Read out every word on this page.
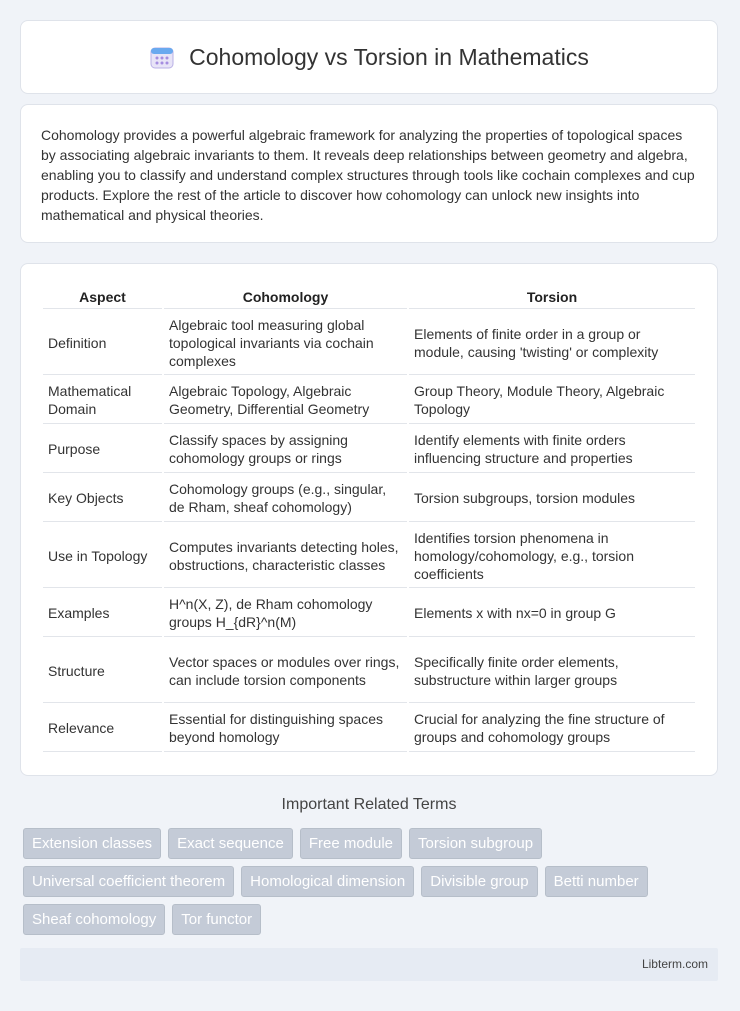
Cohomology vs Torsion in Mathematics
Cohomology provides a powerful algebraic framework for analyzing the properties of topological spaces by associating algebraic invariants to them. It reveals deep relationships between geometry and algebra, enabling you to classify and understand complex structures through tools like cochain complexes and cup products. Explore the rest of the article to discover how cohomology can unlock new insights into mathematical and physical theories.
Aspect	Cohomology	Torsion
Definition	Algebraic tool measuring global topological invariants via cochain complexes	Elements of finite order in a group or module, causing 'twisting' or complexity
Mathematical Domain	Algebraic Topology, Algebraic Geometry, Differential Geometry	Group Theory, Module Theory, Algebraic Topology
Purpose	Classify spaces by assigning cohomology groups or rings	Identify elements with finite orders influencing structure and properties
Key Objects	Cohomology groups (e.g., singular, de Rham, sheaf cohomology)	Torsion subgroups, torsion modules
Use in Topology	Computes invariants detecting holes, obstructions, characteristic classes	Identifies torsion phenomena in homology/cohomology, e.g., torsion coefficients
Examples	H^n(X, Z), de Rham cohomology groups H_{dR}^n(M)	Elements x with nx=0 in group G
Structure	Vector spaces or modules over rings, can include torsion components	Specifically finite order elements, substructure within larger groups
Relevance	Essential for distinguishing spaces beyond homology	Crucial for analyzing the fine structure of groups and cohomology groups
Important Related Terms
Extension classes	Exact sequence	Free module	Torsion subgroup
Universal coefficient theorem	Homological dimension	Divisible group	Betti number
Sheaf cohomology	Tor functor
Libterm.com
